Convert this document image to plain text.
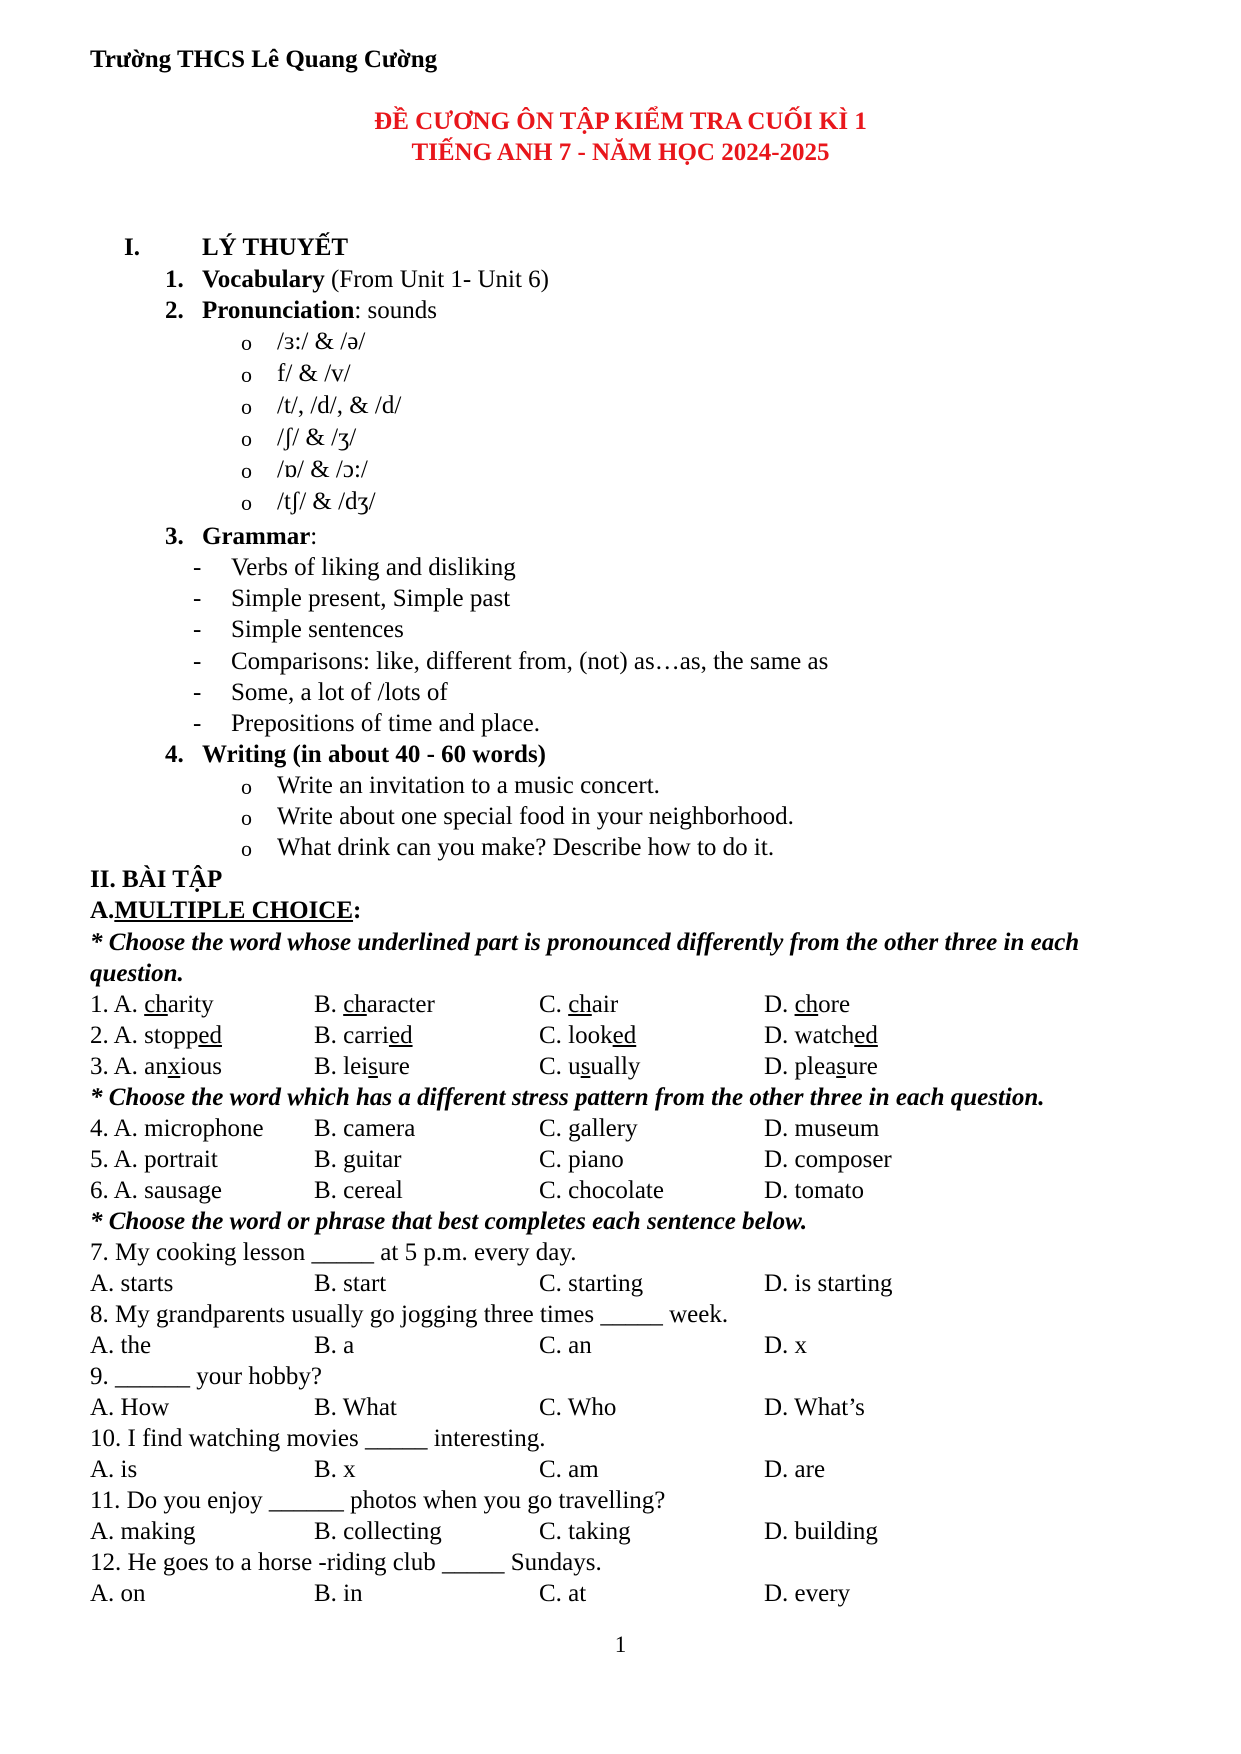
Trường THCS Lê Quang Cường
ĐỀ CƯƠNG ÔN TẬP KIỂM TRA CUỐI KÌ 1
TIẾNG ANH 7 - NĂM HỌC 2024-2025
I. LÝ THUYẾT
1. Vocabulary (From Unit 1- Unit 6)
2. Pronunciation: sounds
o /ɜ:/ & /ə/
o f/ & /v/
o /t/, /d/, & /d/
o /ʃ/ & /ʒ/
o /ɒ/ & /ɔ:/
o /tʃ/ & /dʒ/
3. Grammar:
- Verbs of liking and disliking
- Simple present, Simple past
- Simple sentences
- Comparisons: like, different from, (not) as…as, the same as
- Some, a lot of /lots of
- Prepositions of time and place.
4. Writing (in about 40 - 60 words)
o Write an invitation to a music concert.
o Write about one special food in your neighborhood.
o What drink can you make? Describe how to do it.
II. BÀI TẬP
A.MULTIPLE CHOICE:
* Choose the word whose underlined part is pronounced differently from the other three in each
question.
1. A. charity	B. character	C. chair	D. chore
2. A. stopped	B. carried	C. looked	D. watched
3. A. anxious	B. leisure	C. usually	D. pleasure
* Choose the word which has a different stress pattern from the other three in each question.
4. A. microphone B. camera	C. gallery	D. museum
5. A. portrait	B. guitar	C. piano	D. composer
6. A. sausage	B. cereal	C. chocolate	D. tomato
* Choose the word or phrase that best completes each sentence below.
7. My cooking lesson _____ at 5 p.m. every day.
A. starts	B. start	C. starting	D. is starting
8. My grandparents usually go jogging three times _____ week.
A. the	B. a	C. an	D. x
9. ______ your hobby?
A. How	B. What	C. Who	D. What’s
10. I find watching movies _____ interesting.
A. is	B. x	C. am	D. are
11. Do you enjoy ______ photos when you go travelling?
A. making	B. collecting	C. taking	D. building
12. He goes to a horse -riding club _____ Sundays.
A. on	B. in	C. at	D. every
1
